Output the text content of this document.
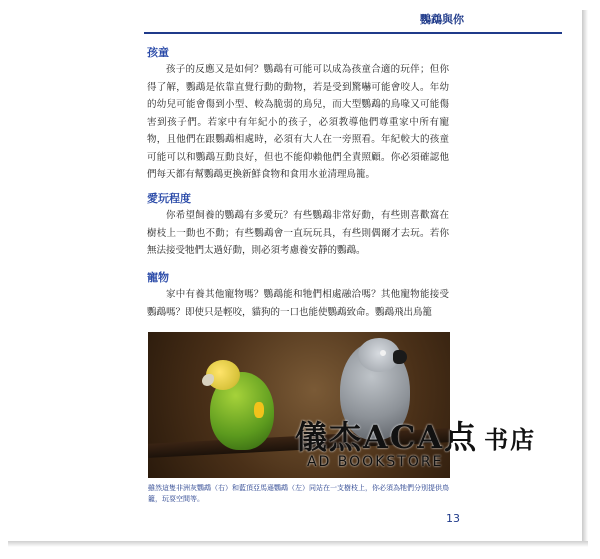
鸚鵡與你
孩童
孩子的反應又是如何？鸚鵡有可能可以成為孩童合適的玩伴；但你得了解，鸚鵡是依靠直覺行動的動物，若是受到驚嚇可能會咬人。年幼的幼兒可能會傷到小型、較為脆弱的鳥兒，而大型鸚鵡的鳥喙又可能傷害到孩子們。若家中有年紀小的孩子，必須教導他們尊重家中所有寵物，且他們在跟鸚鵡相處時，必須有大人在一旁照看。年紀較大的孩童可能可以和鸚鵡互動良好，但也不能仰賴他們全責照顧。你必須確認他們每天都有幫鸚鵡更換新鮮食物和食用水並清理鳥籠。
愛玩程度
你希望飼養的鸚鵡有多愛玩？有些鸚鵡非常好動，有些則喜歡窩在樹枝上一動也不動；有些鸚鵡會一直玩玩具，有些則偶爾才去玩。若你無法接受牠們太過好動，則必須考慮養安靜的鸚鵡。
寵物
家中有養其他寵物嗎？鸚鵡能和牠們相處融洽嗎？其他寵物能接受鸚鵡嗎？即使只是輕咬，貓狗的一口也能使鸚鵡致命。鸚鵡飛出鳥籠
儀杰ACA点 书店
AD BOOKSTORE
雖然這隻非洲灰鸚鵡（右）和藍頂亞馬遜鸚鵡（左）同站在一支樹枝上，你必須為牠們分別提供鳥籠，玩耍空間等。
13
